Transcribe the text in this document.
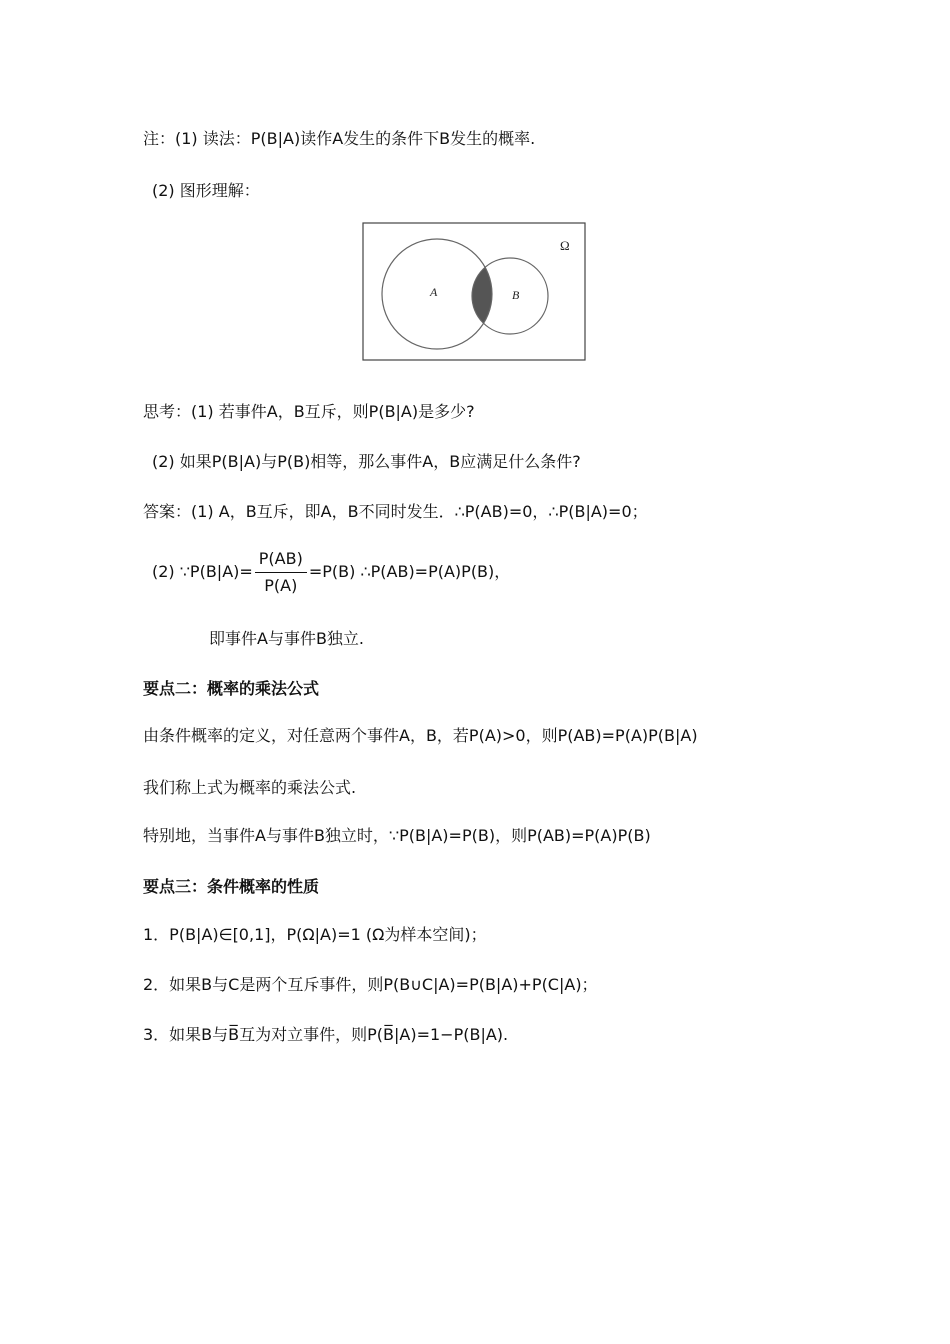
注：(1) 读法：P(B|A)读作A发生的条件下B发生的概率.
(2) 图形理解：
A	B
Ω
思考：(1) 若事件A，B互斥，则P(B|A)是多少?
(2) 如果P(B|A)与P(B)相等，那么事件A，B应满足什么条件?
答案：(1) A，B互斥，即A，B不同时发生．∴P(AB)=0，∴P(B|A)=0；
(2) ∵P(B|A)= $\frac{P(AB)}{P(A)} =P(B)$ ∴P(AB)=P(A)P(B)，
即事件A与事件B独立.
要点二：概率的乘法公式
由条件概率的定义，对任意两个事件A，B，若P(A)>0，则P(AB)=P(A)P(B|A)
我们称上式为概率的乘法公式.
特别地，当事件A与事件B独立时，∵P(B|A)=P(B)，则P(AB)=P(A)P(B)
要点三：条件概率的性质
1．P(B|A)∈[0,1]，P(Ω|A)=1 (Ω为样本空间)；
2．如果B与C是两个互斥事件，则P(B∪C|A)=P(B|A)+P(C|A)；
3．如果B与B̅互为对立事件，则P(B̅|A)=1−P(B|A).
